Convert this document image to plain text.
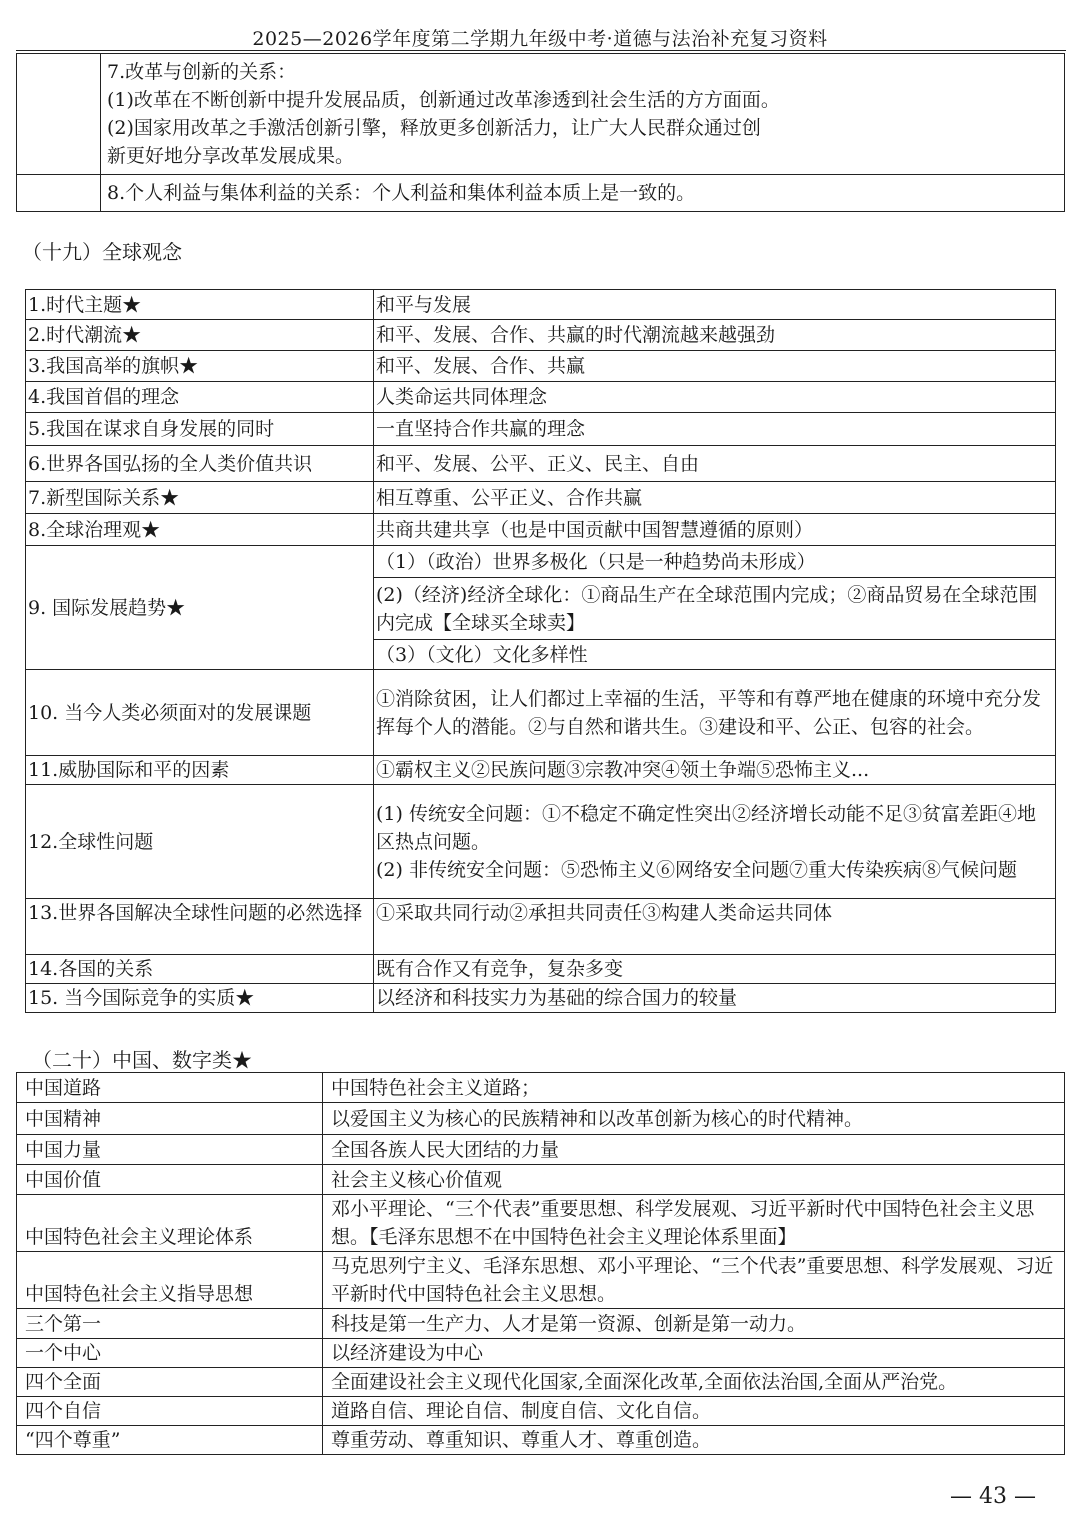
2025—2026学年度第二学期九年级中考·道德与法治补充复习资料

	7.改革与创新的关系：
(1)改革在不断创新中提升发展品质，创新通过改革渗透到社会生活的方方面面。
(2)国家用改革之手激活创新引擎，释放更多创新活力，让广大人民群众通过创
新更好地分享改革发展成果。

	8.个人利益与集体利益的关系：个人利益和集体利益本质上是一致的。
（十九）全球观念
1.时代主题★	和平与发展
2.时代潮流★	和平、发展、合作、共赢的时代潮流越来越强劲
3.我国高举的旗帜★	和平、发展、合作、共赢
4.我国首倡的理念	人类命运共同体理念
5.我国在谋求自身发展的同时	一直坚持合作共赢的理念
6.世界各国弘扬的全人类价值共识	和平、发展、公平、正义、民主、自由
7.新型国际关系★	相互尊重、公平正义、合作共赢
8.全球治理观★	共商共建共享（也是中国贡献中国智慧遵循的原则）
9. 国际发展趋势★	（1）（政治）世界多极化（只是一种趋势尚未形成）
	(2)（经济)经济全球化：①商品生产在全球范围内完成；②商品贸易在全球范围内完成【全球买全球卖】
	（3）（文化）文化多样性
10. 当今人类必须面对的发展课题	①消除贫困，让人们都过上幸福的生活，平等和有尊严地在健康的环境中充分发挥每个人的潜能。②与自然和谐共生。③建设和平、公正、包容的社会。
11.威胁国际和平的因素	①霸权主义②民族问题③宗教冲突④领土争端⑤恐怖主义...
12.全球性问题	(1) 传统安全问题：①不稳定不确定性突出②经济增长动能不足③贫富差距④地区热点问题。
(2) 非传统安全问题：⑤恐怖主义⑥网络安全问题⑦重大传染疾病⑧气候问题

13.世界各国解决全球性问题的必然选择	①采取共同行动②承担共同责任③构建人类命运共同体
14.各国的关系	既有合作又有竞争，复杂多变
15. 当今国际竞争的实质★	以经济和科技实力为基础的综合国力的较量
（二十）中国、数字类★
中国道路	中国特色社会主义道路；
中国精神	以爱国主义为核心的民族精神和以改革创新为核心的时代精神。
中国力量	全国各族人民大团结的力量
中国价值	社会主义核心价值观
中国特色社会主义理论体系	邓小平理论、“三个代表”重要思想、科学发展观、习近平新时代中国特色社会主义思想。【毛泽东思想不在中国特色社会主义理论体系里面】
中国特色社会主义指导思想	马克思列宁主义、毛泽东思想、邓小平理论、“三个代表”重要思想、科学发展观、习近平新时代中国特色社会主义思想。
三个第一	科技是第一生产力、人才是第一资源、创新是第一动力。
一个中心	以经济建设为中心
四个全面	全面建设社会主义现代化国家,全面深化改革,全面依法治国,全面从严治党。
四个自信	道路自信、理论自信、制度自信、文化自信。
“四个尊重”	尊重劳动、尊重知识、尊重人才、尊重创造。
— 43 —
